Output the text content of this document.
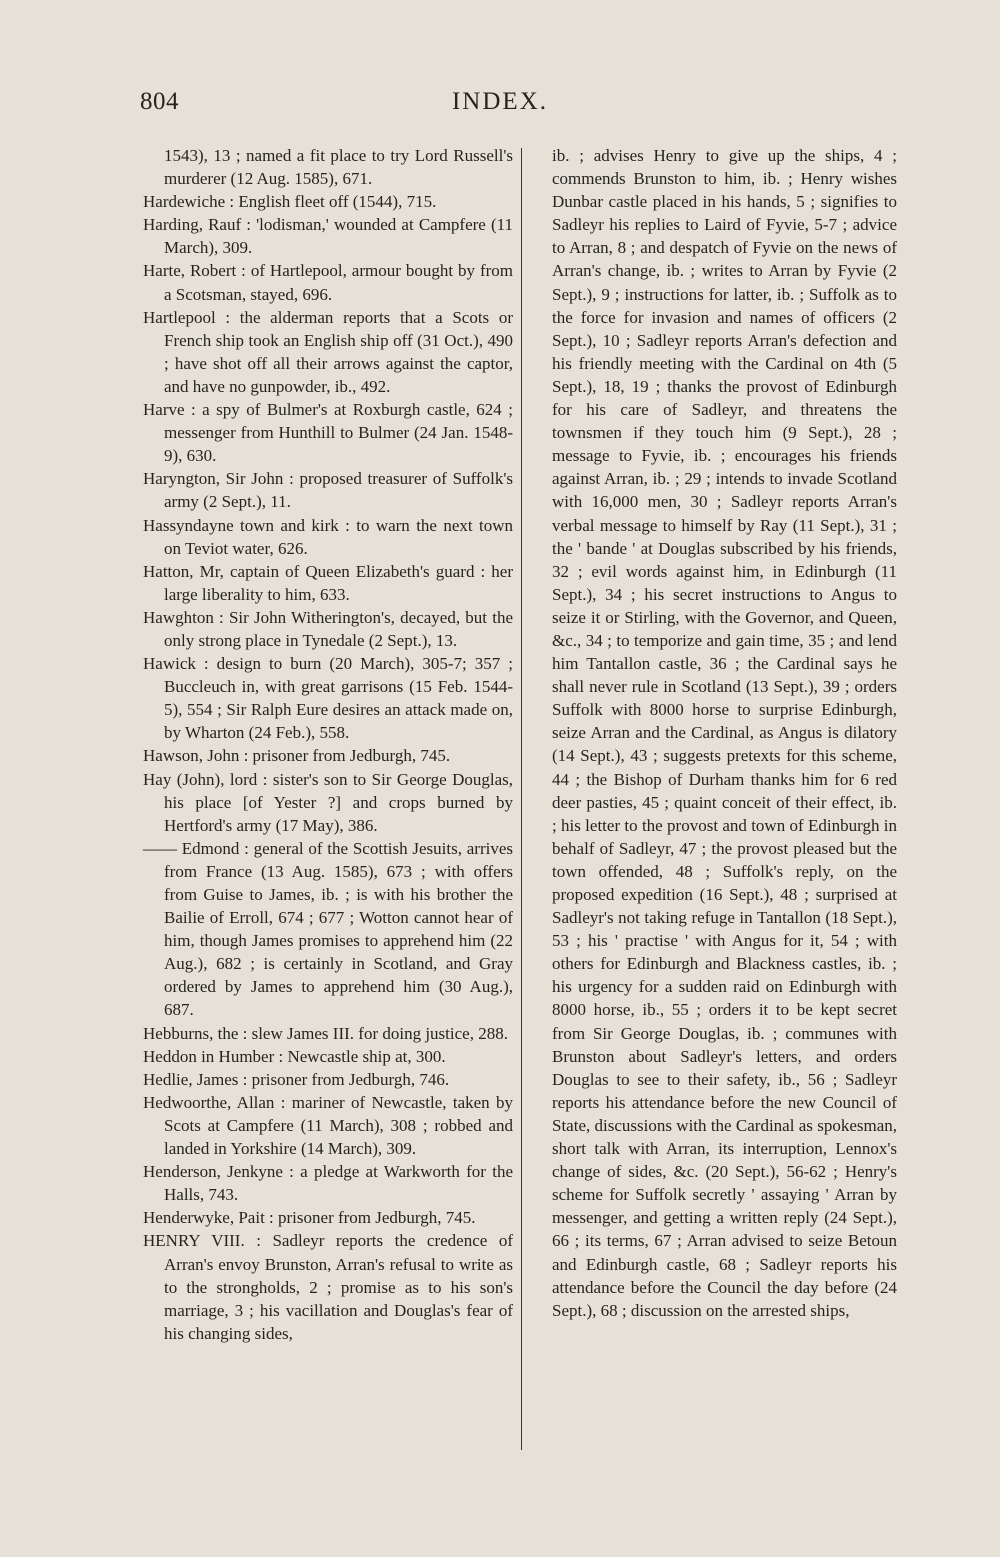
804	INDEX.

1543), 13 ; named a fit place to try Lord Russell's murderer (12 Aug. 1585), 671.

Hardewiche : English fleet off (1544), 715.

Harding, Rauf : 'lodisman,' wounded at Campfere (11 March), 309.

Harte, Robert : of Hartlepool, armour bought by from a Scotsman, stayed, 696.

Hartlepool : the alderman reports that a Scots or French ship took an English ship off (31 Oct.), 490 ; have shot off all their arrows against the captor, and have no gunpowder, ib., 492.

Harve : a spy of Bulmer's at Roxburgh castle, 624 ; messenger from Hunthill to Bulmer (24 Jan. 1548-9), 630.

Haryngton, Sir John : proposed treasurer of Suffolk's army (2 Sept.), 11.

Hassyndayne town and kirk : to warn the next town on Teviot water, 626.

Hatton, Mr, captain of Queen Elizabeth's guard : her large liberality to him, 633.

Hawghton : Sir John Witherington's, decayed, but the only strong place in Tynedale (2 Sept.), 13.

Hawick : design to burn (20 March), 305-7; 357 ; Buccleuch in, with great garrisons (15 Feb. 1544-5), 554 ; Sir Ralph Eure desires an attack made on, by Wharton (24 Feb.), 558.

Hawson, John : prisoner from Jedburgh, 745.

Hay (John), lord : sister's son to Sir George Douglas, his place [of Yester ?] and crops burned by Hertford's army (17 May), 386.

—— Edmond : general of the Scottish Jesuits, arrives from France (13 Aug. 1585), 673 ; with offers from Guise to James, ib. ; is with his brother the Bailie of Erroll, 674 ; 677 ; Wotton cannot hear of him, though James promises to apprehend him (22 Aug.), 682 ; is certainly in Scotland, and Gray ordered by James to apprehend him (30 Aug.), 687.

Hebburns, the : slew James III. for doing justice, 288.

Heddon in Humber : Newcastle ship at, 300.

Hedlie, James : prisoner from Jedburgh, 746.

Hedwoorthe, Allan : mariner of Newcastle, taken by Scots at Campfere (11 March), 308 ; robbed and landed in Yorkshire (14 March), 309.

Henderson, Jenkyne : a pledge at Warkworth for the Halls, 743.

Henderwyke, Pait : prisoner from Jedburgh, 745.

HENRY VIII. : Sadleyr reports the credence of Arran's envoy Brunston, Arran's refusal to write as to the strongholds, 2 ; promise as to his son's marriage, 3 ; his vacillation and Douglas's fear of his changing sides,

ib. ; advises Henry to give up the ships, 4 ; commends Brunston to him, ib. ; Henry wishes Dunbar castle placed in his hands, 5 ; signifies to Sadleyr his replies to Laird of Fyvie, 5-7 ; advice to Arran, 8 ; and despatch of Fyvie on the news of Arran's change, ib. ; writes to Arran by Fyvie (2 Sept.), 9 ; instructions for latter, ib. ; Suffolk as to the force for invasion and names of officers (2 Sept.), 10 ; Sadleyr reports Arran's defection and his friendly meeting with the Cardinal on 4th (5 Sept.), 18, 19 ; thanks the provost of Edinburgh for his care of Sadleyr, and threatens the townsmen if they touch him (9 Sept.), 28 ; message to Fyvie, ib. ; encourages his friends against Arran, ib. ; 29 ; intends to invade Scotland with 16,000 men, 30 ; Sadleyr reports Arran's verbal message to himself by Ray (11 Sept.), 31 ; the ' bande ' at Douglas subscribed by his friends, 32 ; evil words against him, in Edinburgh (11 Sept.), 34 ; his secret instructions to Angus to seize it or Stirling, with the Governor, and Queen, &c., 34 ; to temporize and gain time, 35 ; and lend him Tantallon castle, 36 ; the Cardinal says he shall never rule in Scotland (13 Sept.), 39 ; orders Suffolk with 8000 horse to surprise Edinburgh, seize Arran and the Cardinal, as Angus is dilatory (14 Sept.), 43 ; suggests pretexts for this scheme, 44 ; the Bishop of Durham thanks him for 6 red deer pasties, 45 ; quaint conceit of their effect, ib. ; his letter to the provost and town of Edinburgh in behalf of Sadleyr, 47 ; the provost pleased but the town offended, 48 ; Suffolk's reply, on the proposed expedition (16 Sept.), 48 ; surprised at Sadleyr's not taking refuge in Tantallon (18 Sept.), 53 ; his ' practise ' with Angus for it, 54 ; with others for Edinburgh and Blackness castles, ib. ; his urgency for a sudden raid on Edinburgh with 8000 horse, ib., 55 ; orders it to be kept secret from Sir George Douglas, ib. ; communes with Brunston about Sadleyr's letters, and orders Douglas to see to their safety, ib., 56 ; Sadleyr reports his attendance before the new Council of State, discussions with the Cardinal as spokesman, short talk with Arran, its interruption, Lennox's change of sides, &c. (20 Sept.), 56-62 ; Henry's scheme for Suffolk secretly ' assaying ' Arran by messenger, and getting a written reply (24 Sept.), 66 ; its terms, 67 ; Arran advised to seize Betoun and Edinburgh castle, 68 ; Sadleyr reports his attendance before the Council the day before (24 Sept.), 68 ; discussion on the arrested ships,
